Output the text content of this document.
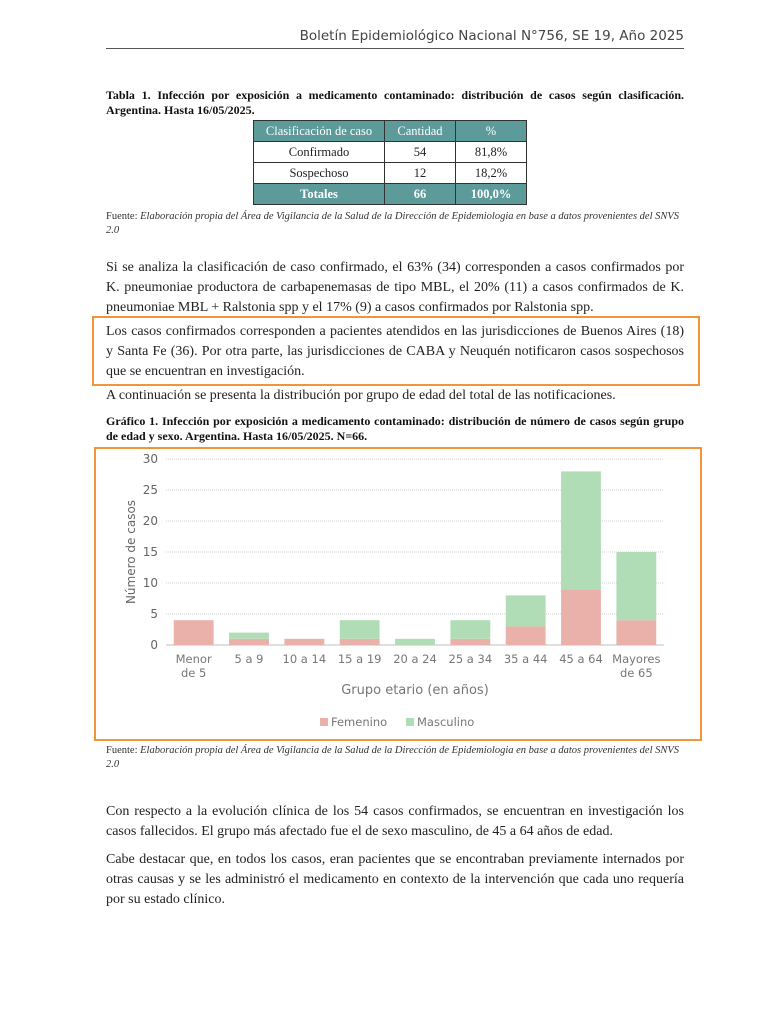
Boletín Epidemiológico Nacional N°756, SE 19, Año 2025
Tabla 1. Infección por exposición a medicamento contaminado: distribución de casos según clasificación. Argentina. Hasta 16/05/2025.
Clasificación de caso	Cantidad	%
Confirmado	54	81,8%
Sospechoso	12	18,2%
Totales	66	100,0%
Fuente: Elaboración propia del Área de Vigilancia de la Salud de la Dirección de Epidemiologia en base a datos provenientes del SNVS 2.0
Si se analiza la clasificación de caso confirmado, el 63% (34) corresponden a casos confirmados por K. pneumoniae productora de carbapenemasas de tipo MBL, el 20% (11) a casos confirmados de K. pneumoniae MBL + Ralstonia spp y el 17% (9) a casos confirmados por Ralstonia spp.
Los casos confirmados corresponden a pacientes atendidos en las jurisdicciones de Buenos Aires (18) y Santa Fe (36). Por otra parte, las jurisdicciones de CABA y Neuquén notificaron casos sospechosos que se encuentran en investigación.
A continuación se presenta la distribución por grupo de edad del total de las notificaciones.
Gráfico 1. Infección por exposición a medicamento contaminado: distribución de número de casos según grupo de edad y sexo. Argentina. Hasta 16/05/2025. N=66.
0
5
10
15
20
25
30
Número de casos
Menor
de 5
5 a 9 10 a 14 15 a 19 20 a 24 25 a 34 35 a 44 45 a 64 Mayores
de 65
Grupo etario (en años)
Femenino	Masculino
Fuente: Elaboración propia del Área de Vigilancia de la Salud de la Dirección de Epidemiologia en base a datos provenientes del SNVS 2.0
Con respecto a la evolución clínica de los 54 casos confirmados, se encuentran en investigación los casos fallecidos. El grupo más afectado fue el de sexo masculino, de 45 a 64 años de edad.
Cabe destacar que, en todos los casos, eran pacientes que se encontraban previamente internados por otras causas y se les administró el medicamento en contexto de la intervención que cada uno requería por su estado clínico.
